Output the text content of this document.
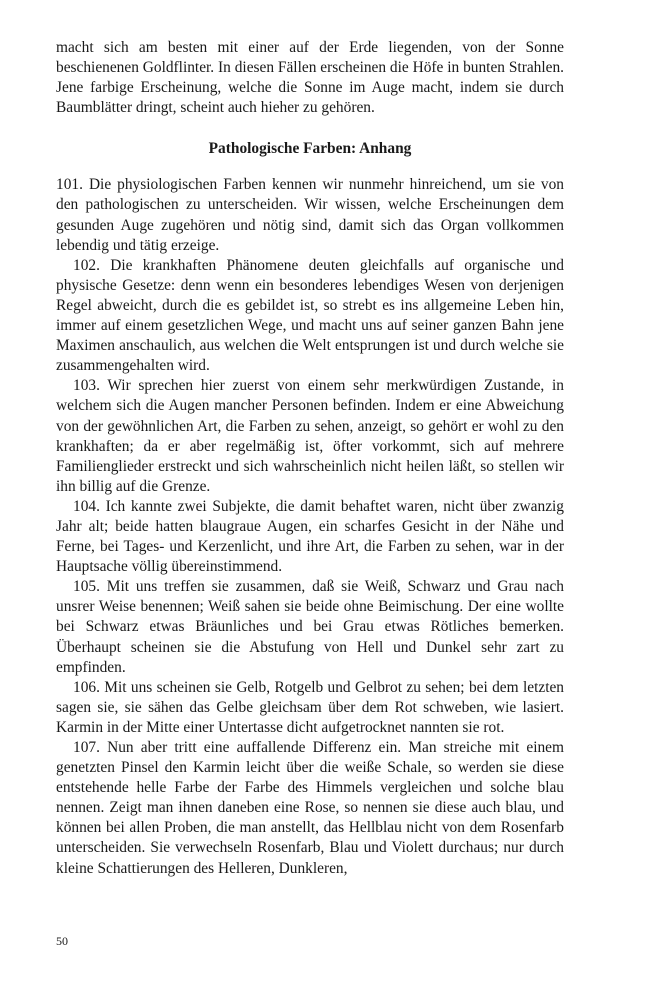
macht sich am besten mit einer auf der Erde liegenden, von der Sonne beschienenen Goldflinter. In diesen Fällen erscheinen die Höfe in bunten Strahlen. Jene farbige Erscheinung, welche die Sonne im Auge macht, indem sie durch Baumblätter dringt, scheint auch hieher zu gehören.

Pathologische Farben: Anhang

101. Die physiologischen Farben kennen wir nunmehr hinreichend, um sie von den pathologischen zu unterscheiden. Wir wissen, welche Erscheinungen dem gesunden Auge zugehören und nötig sind, damit sich das Organ vollkommen lebendig und tätig erzeige.

102. Die krankhaften Phänomene deuten gleichfalls auf organische und physische Gesetze: denn wenn ein besonderes lebendiges Wesen von derjenigen Regel abweicht, durch die es gebildet ist, so strebt es ins allgemeine Leben hin, immer auf einem gesetzlichen Wege, und macht uns auf seiner ganzen Bahn jene Maximen anschaulich, aus welchen die Welt entsprungen ist und durch welche sie zusammengehalten wird.

103. Wir sprechen hier zuerst von einem sehr merkwürdigen Zustande, in welchem sich die Augen mancher Personen befinden. Indem er eine Abweichung von der gewöhnlichen Art, die Farben zu sehen, anzeigt, so gehört er wohl zu den krankhaften; da er aber regelmäßig ist, öfter vorkommt, sich auf mehrere Familienglieder erstreckt und sich wahrscheinlich nicht heilen läßt, so stellen wir ihn billig auf die Grenze.

104. Ich kannte zwei Subjekte, die damit behaftet waren, nicht über zwanzig Jahr alt; beide hatten blaugraue Augen, ein scharfes Gesicht in der Nähe und Ferne, bei Tages- und Kerzenlicht, und ihre Art, die Farben zu sehen, war in der Hauptsache völlig übereinstimmend.

105. Mit uns treffen sie zusammen, daß sie Weiß, Schwarz und Grau nach unsrer Weise benennen; Weiß sahen sie beide ohne Beimischung. Der eine wollte bei Schwarz etwas Bräunliches und bei Grau etwas Rötliches bemerken. Überhaupt scheinen sie die Abstufung von Hell und Dunkel sehr zart zu empfinden.

106. Mit uns scheinen sie Gelb, Rotgelb und Gelbrot zu sehen; bei dem letzten sagen sie, sie sähen das Gelbe gleichsam über dem Rot schweben, wie lasiert. Karmin in der Mitte einer Untertasse dicht aufgetrocknet nannten sie rot.

107. Nun aber tritt eine auffallende Differenz ein. Man streiche mit einem genetzten Pinsel den Karmin leicht über die weiße Schale, so werden sie diese entstehende helle Farbe der Farbe des Himmels vergleichen und solche blau nennen. Zeigt man ihnen daneben eine Rose, so nennen sie diese auch blau, und können bei allen Proben, die man anstellt, das Hellblau nicht von dem Rosenfarb unterscheiden. Sie verwechseln Rosenfarb, Blau und Violett durchaus; nur durch kleine Schattierungen des Helleren, Dunkleren,

50
